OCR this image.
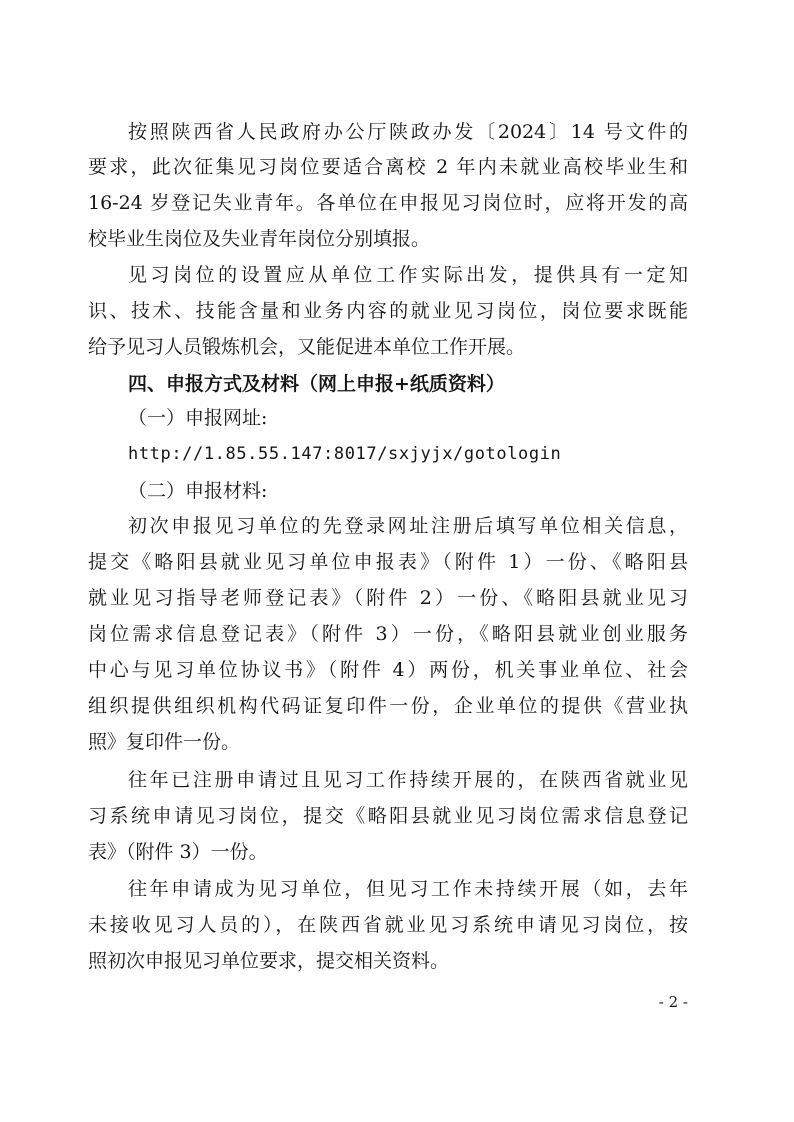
按照陕西省人民政府办公厅陕政办发〔2024〕14 号文件的
要求，此次征集见习岗位要适合离校 2 年内未就业高校毕业生和
16-24 岁登记失业青年。各单位在申报见习岗位时，应将开发的高
校毕业生岗位及失业青年岗位分别填报。
见习岗位的设置应从单位工作实际出发，提供具有一定知
识、技术、技能含量和业务内容的就业见习岗位，岗位要求既能
给予见习人员锻炼机会，又能促进本单位工作开展。
四、申报方式及材料（网上申报+纸质资料）
（一）申报网址:
http://1.85.55.147:8017/sxjyjx/gotologin
（二）申报材料:
初次申报见习单位的先登录网址注册后填写单位相关信息，
提交《略阳县就业见习单位申报表》（附件 1）一份、《略阳县
就业见习指导老师登记表》（附件 2）一份、《略阳县就业见习
岗位需求信息登记表》（附件 3）一份，《略阳县就业创业服务
中心与见习单位协议书》（附件 4）两份，机关事业单位、社会
组织提供组织机构代码证复印件一份，企业单位的提供《营业执
照》复印件一份。
往年已注册申请过且见习工作持续开展的，在陕西省就业见
习系统申请见习岗位，提交《略阳县就业见习岗位需求信息登记
表》（附件 3）一份。
往年申请成为见习单位，但见习工作未持续开展（如，去年
未接收见习人员的），在陕西省就业见习系统申请见习岗位，按
照初次申报见习单位要求，提交相关资料。
- 2 -
